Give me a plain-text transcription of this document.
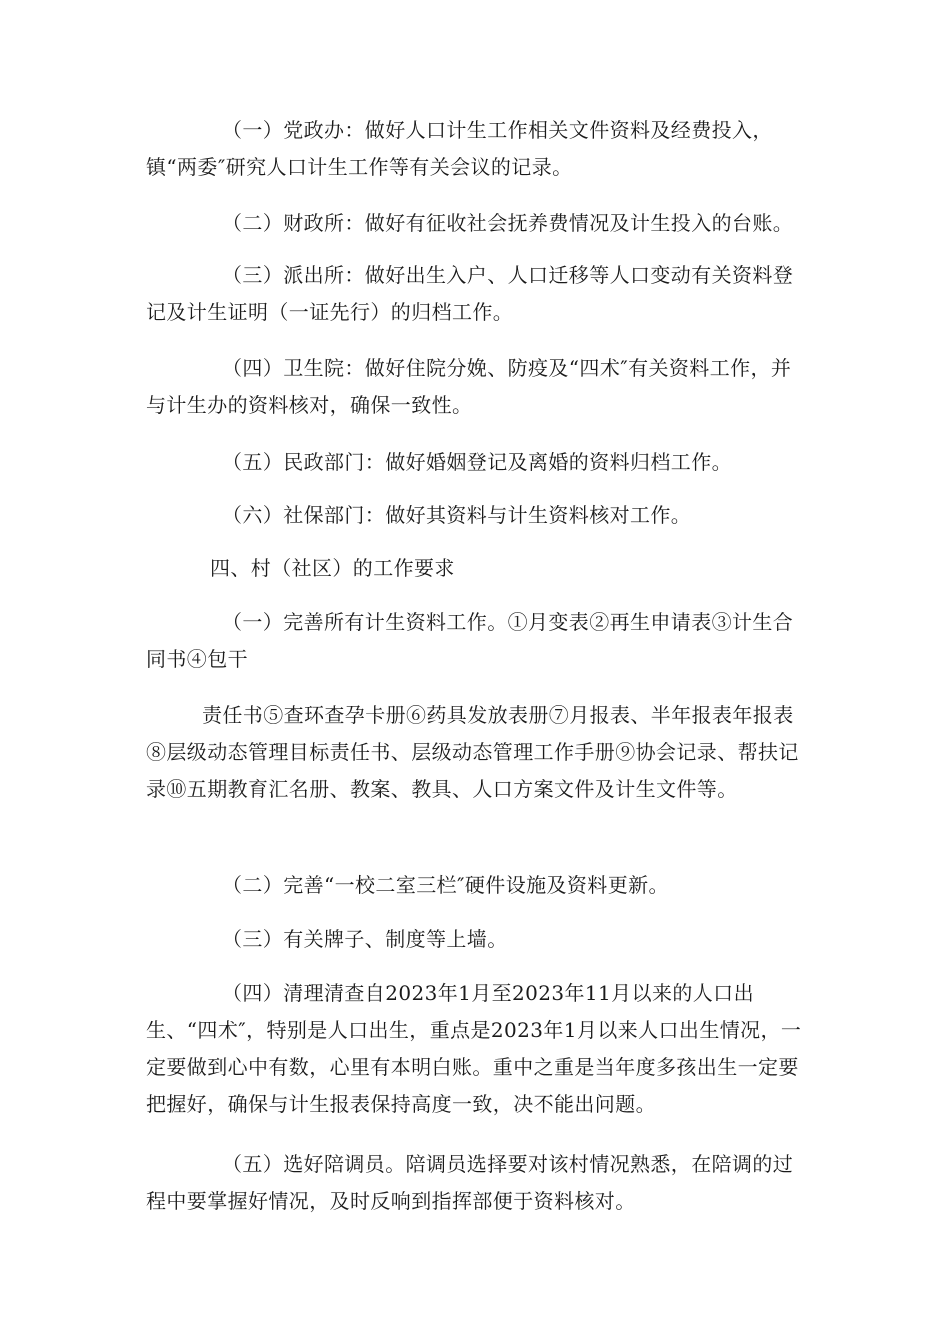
（一）党政办：做好人口计生工作相关文件资料及经费投入，镇“两委″研究人口计生工作等有关会议的记录。
（二）财政所：做好有征收社会抚养费情况及计生投入的台账。
（三）派出所：做好出生入户、人口迁移等人口变动有关资料登记及计生证明（一证先行）的归档工作。
（四）卫生院：做好住院分娩、防疫及“四术″有关资料工作，并与计生办的资料核对，确保一致性。
（五）民政部门：做好婚姻登记及离婚的资料归档工作。
（六）社保部门：做好其资料与计生资料核对工作。
四、村（社区）的工作要求
（一）完善所有计生资料工作。①月变表②再生申请表③计生合同书④包干
责任书⑤查环查孕卡册⑥药具发放表册⑦月报表、半年报表年报表⑧层级动态管理目标责任书、层级动态管理工作手册⑨协会记录、帮扶记录⑩五期教育汇名册、教案、教具、人口方案文件及计生文件等。
（二）完善“一校二室三栏″硬件设施及资料更新。
（三）有关牌子、制度等上墙。
（四）清理清查自2023年1月至2023年11月以来的人口出生、“四术″，特别是人口出生，重点是2023年1月以来人口出生情况，一定要做到心中有数，心里有本明白账。重中之重是当年度多孩出生一定要把握好，确保与计生报表保持高度一致，决不能出问题。
（五）选好陪调员。陪调员选择要对该村情况熟悉，在陪调的过程中要掌握好情况，及时反响到指挥部便于资料核对。
